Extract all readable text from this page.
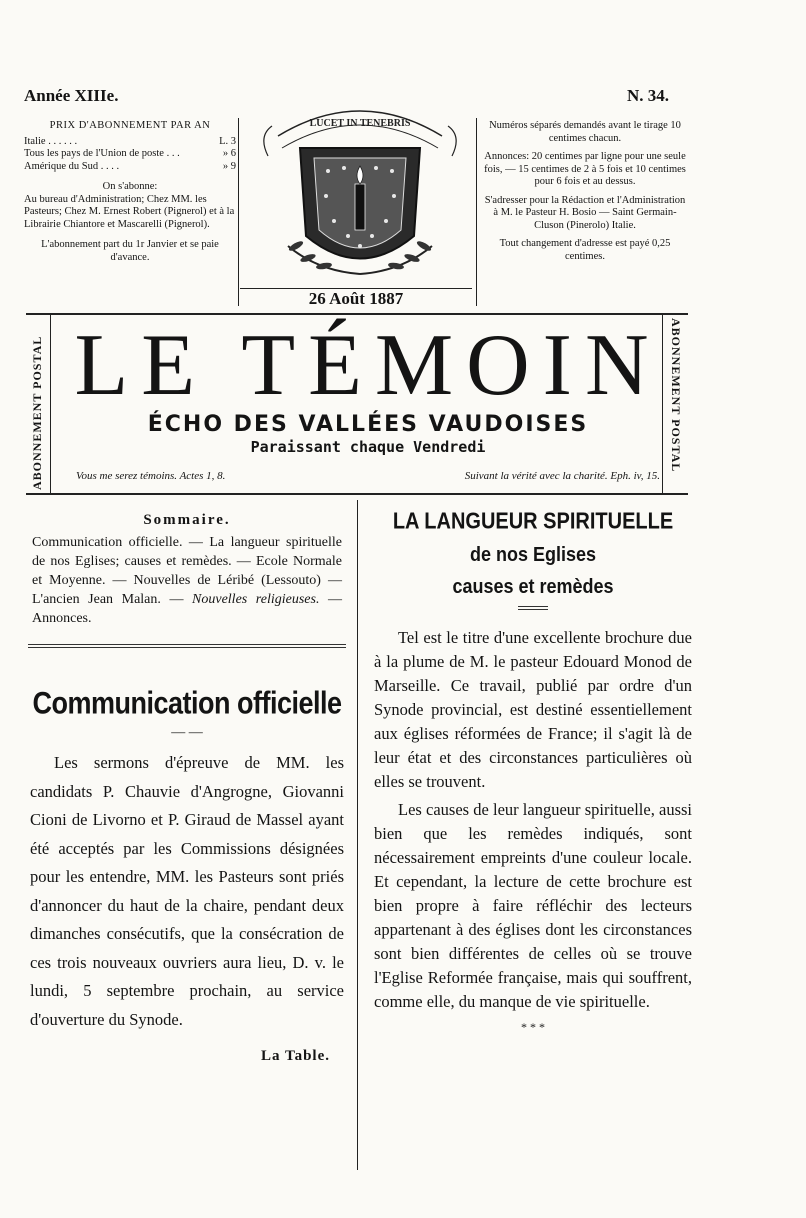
Année XIIIe.	N. 34.
PRIX D'ABONNEMENT PAR AN
Italie . . . . . .	L. 3
Tous les pays de l'Union de poste . . .	» 6
Amérique du Sud . . . .	» 9
On s'abonne:
Au bureau d'Administration; Chez MM. les Pasteurs; Chez M. Ernest Robert (Pignerol) et à la Librairie Chiantore et Mascarelli (Pignerol).
L'abonnement part du 1r Janvier et se paie d'avance.
LUCET IN TENEBRIS
26 Août 1887

Numéros séparés demandés avant le tirage 10 centimes chacun.

Annonces: 20 centimes par ligne pour une seule fois, — 15 centimes de 2 à 5 fois et 10 centimes pour 6 fois et au dessus.

S'adresser pour la Rédaction et l'Administration à M. le Pasteur H. Bosio — Saint Germain-Cluson (Pinerolo) Italie.

Tout changement d'adresse est payé 0,25 centimes.

ABONNEMENT POSTAL	ABONNEMENT POSTAL
LE TÉMOIN
ÉCHO DES VALLÉES VAUDOISES
Paraissant chaque Vendredi
Vous me serez témoins. Actes 1, 8.	Suivant la vérité avec la charité. Eph. iv, 15.
Sommaire.
Communication officielle. — La langueur spirituelle de nos Eglises; causes et remèdes. — Ecole Normale et Moyenne. — Nouvelles de Léribé (Lessouto) — L'ancien Jean Malan. — Nouvelles religieuses. — Annonces.
Communication officielle
— —

Les sermons d'épreuve de MM. les candidats P. Chauvie d'Angrogne, Giovanni Cioni de Livorno et P. Giraud de Massel ayant été acceptés par les Commissions désignées pour les entendre, MM. les Pasteurs sont priés d'annoncer du haut de la chaire, pendant deux dimanches consécutifs, que la consécration de ces trois nouveaux ouvriers aura lieu, D. v. le lundi, 5 septembre prochain, au service d'ouverture du Synode.

La Table.
LA LANGUEUR SPIRITUELLE
de nos Eglises
causes et remèdes

Tel est le titre d'une excellente brochure due à la plume de M. le pasteur Edouard Monod de Marseille. Ce travail, publié par ordre d'un Synode provincial, est destiné essentiellement aux églises réformées de France; il s'agit là de leur état et des circonstances particulières où elles se trouvent.

Les causes de leur langueur spirituelle, aussi bien que les remèdes indiqués, sont nécessairement empreints d'une couleur locale. Et cependant, la lecture de cette brochure est bien propre à faire réfléchir des lecteurs appartenant à des églises dont les circonstances sont bien différentes de celles où se trouve l'Eglise Reformée française, mais qui souffrent, comme elle, du manque de vie spirituelle.

* * *
